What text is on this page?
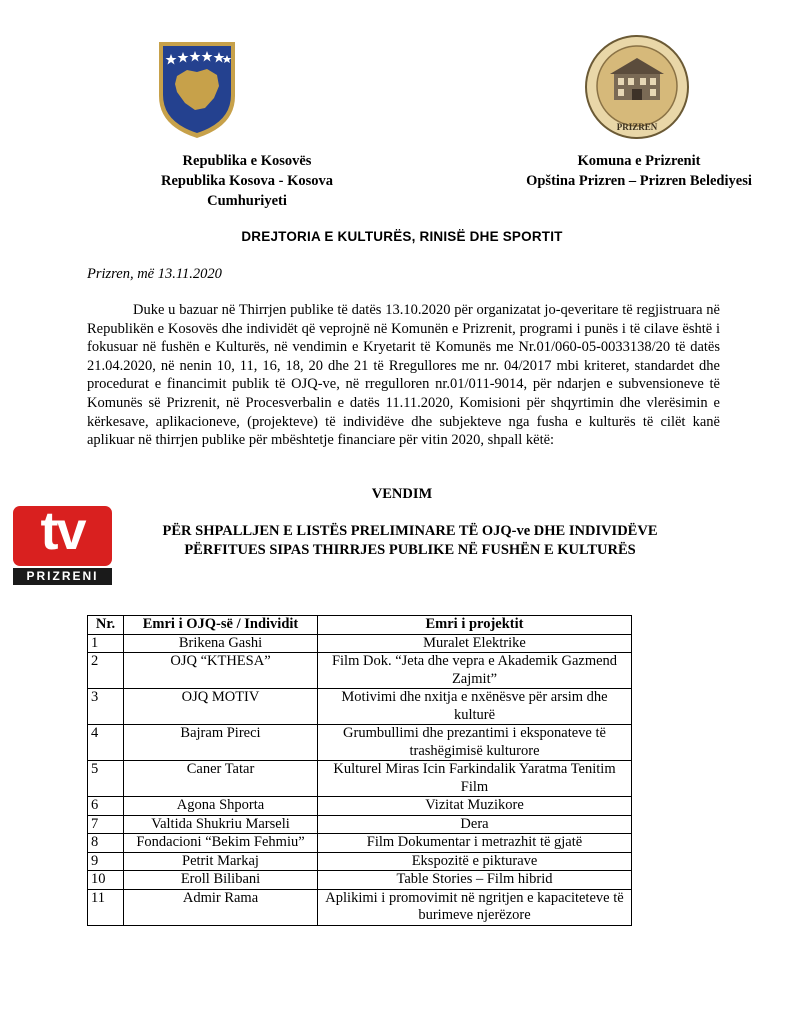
PRIZREN
Republika e Kosovës
Republika Kosova - Kosova
Cumhuriyeti
Komuna e Prizrenit
Opština Prizren – Prizren Belediyesi
DREJTORIA E KULTURËS, RINISË DHE SPORTIT
Prizren, më 13.11.2020
Duke u bazuar në Thirrjen publike të datës 13.10.2020 për organizatat jo-qeveritare të regjistruara në Republikën e Kosovës dhe individët që veprojnë në Komunën e Prizrenit, programi i punës i të cilave është i fokusuar në fushën e Kulturës, në vendimin e Kryetarit të Komunës me Nr.01/060-05-0033138/20 të datës 21.04.2020, në nenin 10, 11, 16, 18, 20 dhe 21 të Rregullores me nr. 04/2017 mbi kriteret, standardet dhe procedurat e financimit publik të OJQ-ve, në rregulloren nr.01/011-9014, për ndarjen e subvensioneve të Komunës së Prizrenit, në Procesverbalin e datës 11.11.2020, Komisioni për shqyrtimin dhe vlerësimin e kërkesave, aplikacioneve, (projekteve) të individëve dhe subjekteve nga fusha e kulturës të cilët kanë aplikuar në thirrjen publike për mbështetje financiare për vitin 2020, shpall këtë:
VENDIM
tv
PRIZRENI
PËR SHPALLJEN E LISTËS PRELIMINARE TË OJQ-ve DHE INDIVIDËVE
PËRFITUES SIPAS THIRRJES PUBLIKE NË FUSHËN E KULTURËS
Nr.	Emri i OJQ-së / Individit	Emri i projektit
1	Brikena Gashi	Muralet Elektrike
2	OJQ “KTHESA”	Film Dok. “Jeta dhe vepra e Akademik Gazmend Zajmit”
3	OJQ MOTIV	Motivimi dhe nxitja e nxënësve për arsim dhe kulturë
4	Bajram Pireci	Grumbullimi dhe prezantimi i eksponateve të trashëgimisë kulturore
5	Caner Tatar	Kulturel Miras Icin Farkindalik Yaratma Tenitim Film
6	Agona Shporta	Vizitat Muzikore
7	Valtida Shukriu Marseli	Dera
8	Fondacioni “Bekim Fehmiu”	Film Dokumentar i metrazhit të gjatë
9	Petrit Markaj	Ekspozitë e pikturave
10	Eroll Bilibani	Table Stories – Film hibrid
11	Admir Rama	Aplikimi i promovimit në ngritjen e kapaciteteve të burimeve njerëzore
